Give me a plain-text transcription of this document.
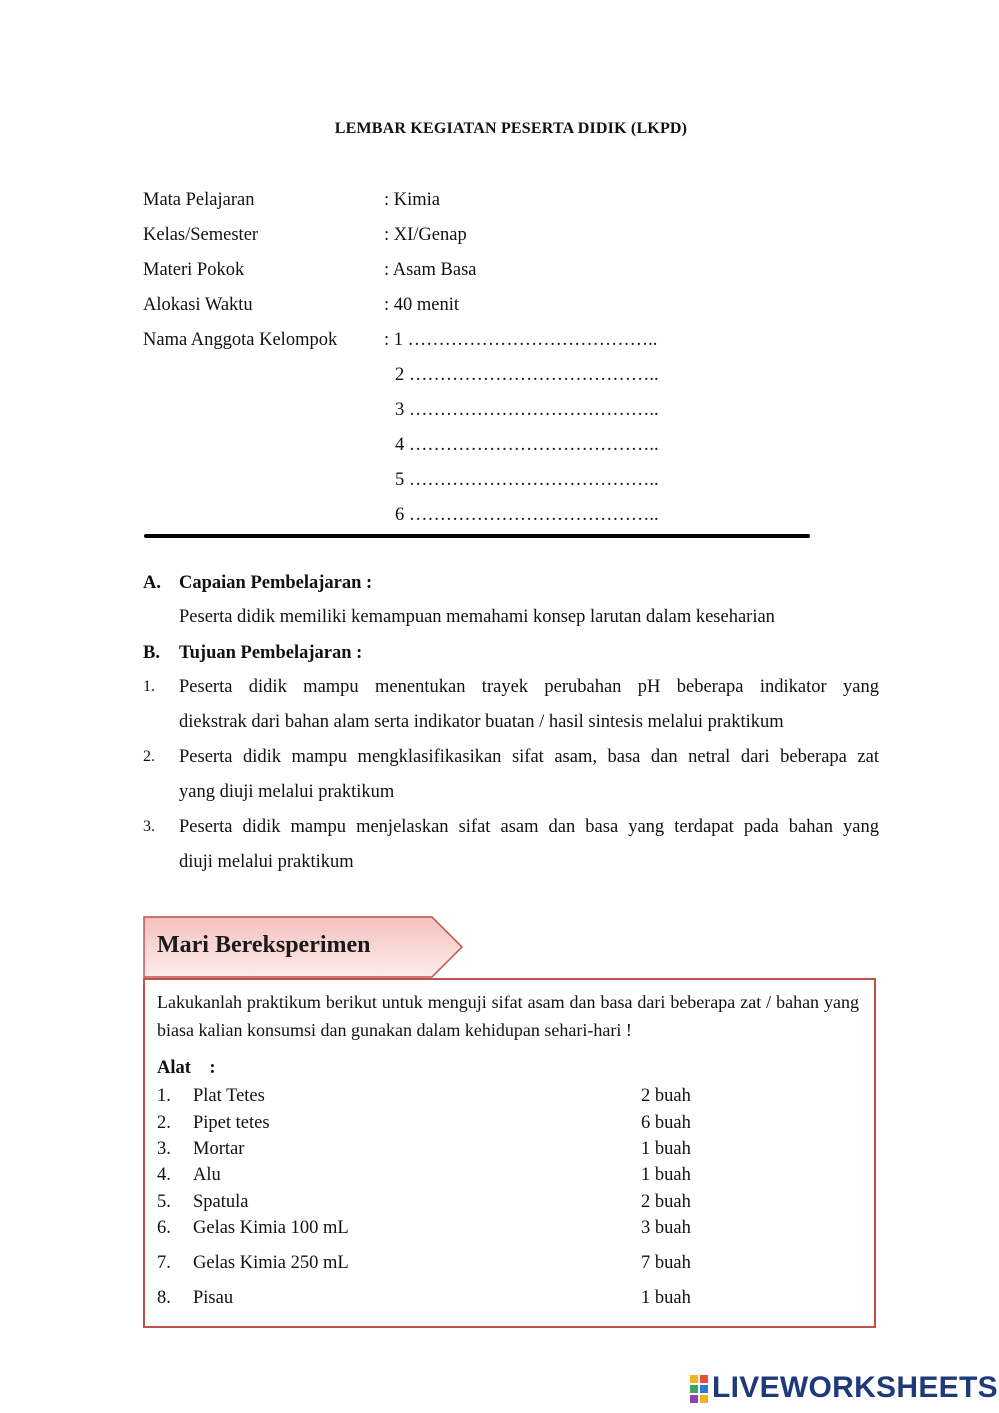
LEMBAR KEGIATAN PESERTA DIDIK (LKPD)
Mata Pelajaran	: Kimia
Kelas/Semester	: XI/Genap
Materi Pokok	: Asam Basa
Alokasi Waktu	: 40 menit
Nama Anggota Kelompok	: 1 …………………………………..
2 …………………………………..
3 …………………………………..
4 …………………………………..
5 …………………………………..
6 …………………………………..
A. Capaian Pembelajaran :
Peserta didik memiliki kemampuan memahami konsep larutan dalam keseharian
B. Tujuan Pembelajaran :
1. Peserta didik mampu menentukan trayek perubahan pH beberapa indikator yang
diekstrak dari bahan alam serta indikator buatan / hasil sintesis melalui praktikum
2. Peserta didik mampu mengklasifikasikan sifat asam, basa dan netral dari beberapa zat
yang diuji melalui praktikum
3. Peserta didik mampu menjelaskan sifat asam dan basa yang terdapat pada bahan yang
diuji melalui praktikum
Mari Bereksperimen
Lakukanlah praktikum berikut untuk menguji sifat asam dan basa dari beberapa zat / bahan yang biasa kalian konsumsi dan gunakan dalam kehidupan sehari-hari !
Alat    :
1. Plat Tetes	2 buah
2. Pipet tetes	6 buah
3. Mortar	1 buah
4. Alu	1 buah
5. Spatula	2 buah
6. Gelas Kimia 100 mL	3 buah
7. Gelas Kimia 250 mL	7 buah
8. Pisau	1 buah
LIVEWORKSHEETS
